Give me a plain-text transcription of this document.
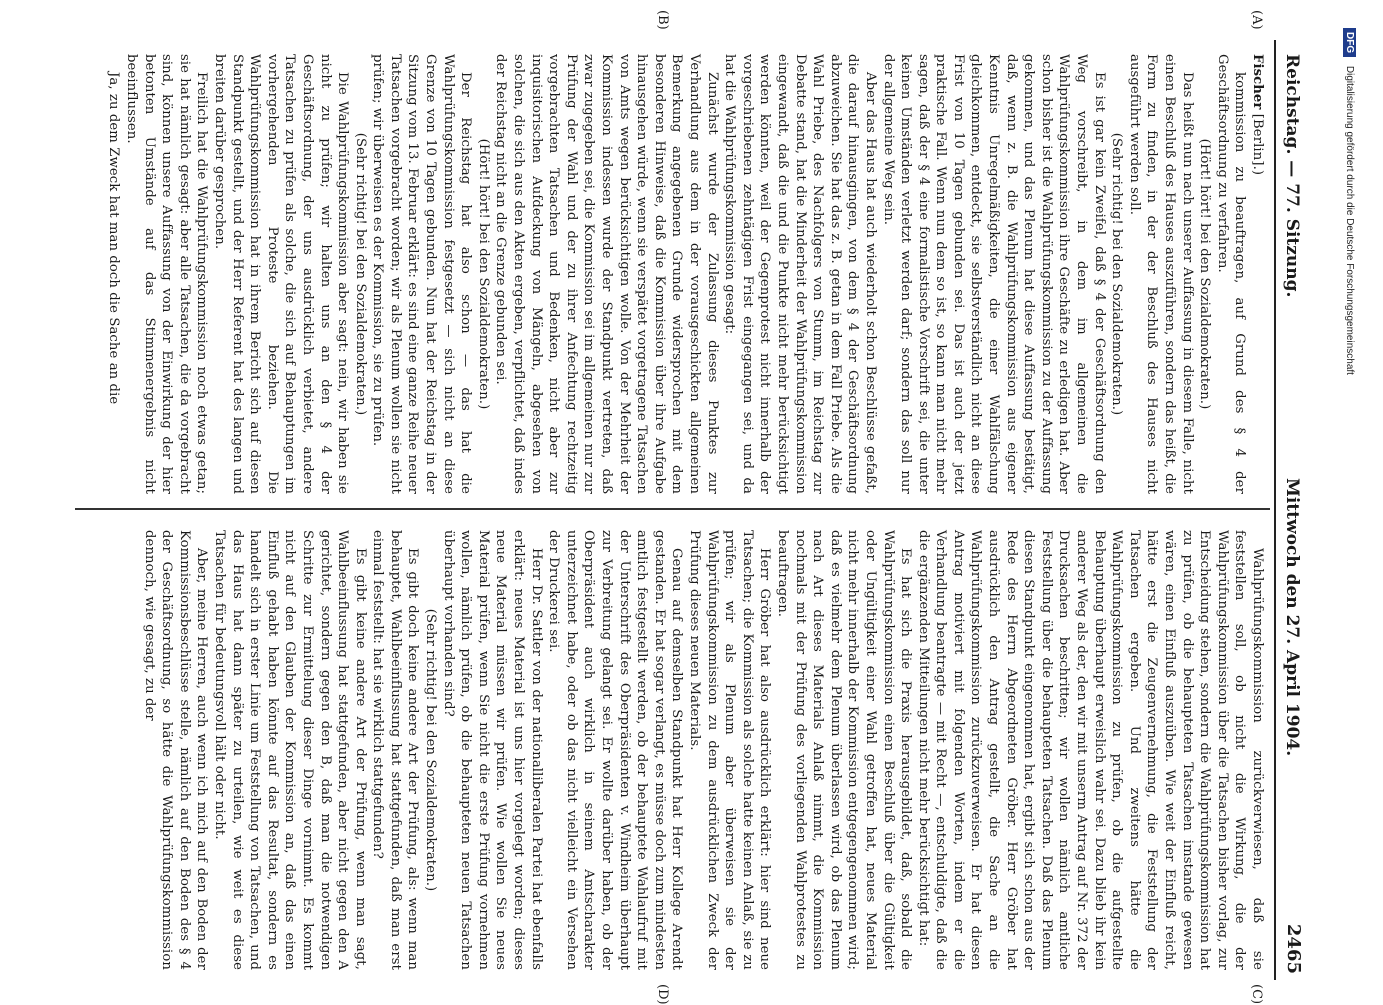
Reichstag. — 77. Sitzung.
Mittwoch den 27. April 1904.
2465
(A)
(B)
(C)
(D)

Fischer [Berlin].)

kommission zu beauftragen, auf Grund des § 4 der Geschäftsordnung zu verfahren.

(Hört! hört! bei den Sozialdemokraten.)

Das heißt nun nach unserer Auffassung in diesem Falle, nicht einen Beschluß des Hauses auszuführen, sondern das heißt, die Form zu finden, in der der Beschluß des Hauses nicht ausgeführt werden soll.

(Sehr richtig! bei den Sozialdemokraten.)

Es ist gar kein Zweifel, daß § 4 der Geschäftsordnung den Weg vorschreibt, in dem im allgemeinen die Wahlprüfungskommission ihre Geschäfte zu erledigen hat. Aber schon bisher ist die Wahlprüfungskommission zu der Auffassung gekommen, und das Plenum hat diese Auffassung bestätigt, daß, wenn z. B. die Wahlprüfungskommission aus eigener Kenntnis Unregelmäßigkeiten, die einer Wahlfälschung gleichkommen, entdeckt, sie selbstverständlich nicht an diese Frist von 10 Tagen gebunden sei. Das ist auch der jetzt praktische Fall. Wenn nun dem so ist, so kann man nicht mehr sagen, daß der § 4 eine formalistische Vorschrift sei, die unter keinen Umständen verletzt werden darf; sondern das soll nur der allgemeine Weg sein.

Aber das Haus hat auch wiederholt schon Beschlüsse gefaßt, die darauf hinausgingen, von dem § 4 der Geschäftsordnung abzuweichen. Sie hat das z. B. getan in dem Fall Priebe. Als die Wahl Priebe, des Nachfolgers von Stumm, im Reichstag zur Debatte stand, hat die Minderheit der Wahlprüfungskommission eingewandt, daß die und die Punkte nicht mehr berücksichtigt werden könnten, weil der Gegenprotest nicht innerhalb der vorgeschriebenen zehntägigen Frist eingegangen sei, und da hat die Wahlprüfungskommission gesagt:

Zunächst wurde der Zulassung dieses Punktes zur Verhandlung aus dem in der vorausgeschickten allgemeinen Bemerkung angegebenen Grunde widersprochen mit dem besonderen Hinweise, daß die Kommission über ihre Aufgabe hinausgehen würde, wenn sie verspätet vorgetragene Tatsachen von Amts wegen berücksichtigen wolle. Von der Mehrheit der Kommission indessen wurde der Standpunkt vertreten, daß zwar zugegeben sei, die Kommission sei im allgemeinen nur zur Prüfung der Wahl und der zu ihrer Anfechtung rechtzeitig vorgebrachten Tatsachen und Bedenken, nicht aber zur inquisitorischen Aufdeckung von Mängeln, abgesehen von solchen, die sich aus den Akten ergeben, verpflichtet, daß indes der Reichstag nicht an die Grenze gebunden sei.

(Hört! hört! bei den Sozialdemokraten.)

Der Reichstag hat also schon — das hat die Wahlprüfungskommission festgesetzt — sich nicht an diese Grenze von 10 Tagen gebunden. Nun hat der Reichstag in der Sitzung vom 13. Februar erklärt: es sind eine ganze Reihe neuer Tatsachen vorgebracht worden; wir als Plenum wollen sie nicht prüfen; wir überweisen es der Kommission, sie zu prüfen.

(Sehr richtig! bei den Sozialdemokraten.)

Die Wahlprüfungskommission aber sagt: nein, wir haben sie nicht zu prüfen; wir halten uns an den § 4 der Geschäftsordnung, der uns ausdrücklich verbietet, andere Tatsachen zu prüfen als solche, die sich auf Behauptungen im vorhergehenden Proteste beziehen. Die Wahlprüfungskommission hat in ihrem Bericht sich auf diesen Standpunkt gestellt, und der Herr Referent hat des langen und breiten darüber gesprochen.

Freilich hat die Wahlprüfungskommission noch etwas getan; sie hat nämlich gesagt: aber alle Tatsachen, die da vorgebracht sind, können unsere Auffassung von der Einwirkung der hier betonten Umstände auf das Stimmenergebnis nicht beeinflussen.

Ja, zu dem Zweck hat man doch die Sache an die

Wahlprüfungskommission zurückverwiesen, daß sie feststellen soll, ob nicht die Wirkung, die der Wahlprüfungskommission über die Tatsachen bisher vorlag, zur Entscheidung stehen, sondern die Wahlprüfungskommission hat zu prüfen, ob die behaupteten Tatsachen imstande gewesen wären, einen Einfluß auszuüben. Wie weit der Einfluß reicht, hätte erst die Zeugenvernehmung, die Feststellung der Tatsachen ergeben. Und zweitens hätte die Wahlprüfungskommission zu prüfen, ob die aufgestellte Behauptung überhaupt erweislich wahr sei. Dazu blieb ihr kein anderer Weg als der, den wir mit unserm Antrag auf Nr. 372 der Drucksachen beschritten; wir wollen nämlich amtliche Feststellung über die behaupteten Tatsachen. Daß das Plenum diesen Standpunkt eingenommen hat, ergibt sich schon aus der Rede des Herrn Abgeordneten Gröber. Herr Gröber hat ausdrücklich den Antrag gestellt, die Sache an die Wahlprüfungskommission zurückzuverweisen. Er hat diesen Antrag motiviert mit folgenden Worten, indem er die Verhandlung beantragte — mit Recht —, entschuldigte, daß die die ergänzenden Mitteilungen nicht mehr berücksichtigt hat:

Es hat sich die Praxis herausgebildet, daß, sobald die Wahlprüfungskommission einen Beschluß über die Gültigkeit oder Ungültigkeit einer Wahl getroffen hat, neues Material nicht mehr innerhalb der Kommission entgegengenommen wird; daß es vielmehr dem Plenum überlassen wird, ob das Plenum nach Art dieses Materials Anlaß nimmt, die Kommission nochmals mit der Prüfung des vorliegenden Wahlprotestes zu beauftragen.

Herr Gröber hat also ausdrücklich erklärt: hier sind neue Tatsachen; die Kommission als solche hatte keinen Anlaß, sie zu prüfen; wir als Plenum aber überweisen sie der Wahlprüfungskommission zu dem ausdrücklichen Zweck der Prüfung dieses neuen Materials.

Genau auf demselben Standpunkt hat Herr Kollege Arendt gestanden. Er hat sogar verlangt, es müsse doch zum mindesten amtlich festgestellt werden, ob der behauptete Wahlaufruf mit der Unterschrift des Oberpräsidenten v. Windheim überhaupt zur Verbreitung gelangt sei. Er wollte darüber haben, ob der Oberpräsident auch wirklich in seinem Amtscharakter unterzeichnet habe, oder ob das nicht vielleicht ein Versehen der Druckerei sei.

Herr Dr. Sattler von der nationalliberalen Partei hat ebenfalls erklärt: neues Material ist uns hier vorgelegt worden; dieses neue Material müssen wir prüfen. Wie wollen Sie neues Material prüfen, wenn Sie nicht die erste Prüfung vornehmen wollen, nämlich prüfen, ob die behaupteten neuen Tatsachen überhaupt vorhanden sind?

(Sehr richtig! bei den Sozialdemokraten.)

Es gibt doch keine andere Art der Prüfung, als: wenn man behauptet, Wahlbeeinflussung hat stattgefunden, daß man erst einmal feststellt: hat sie wirklich stattgefunden?

Es gibt keine andere Art der Prüfung, wenn man sagt, Wahlbeeinflussung hat stattgefunden, aber nicht gegen den A gerichtet, sondern gegen den B, daß man die notwendigen Schritte zur Ermittelung dieser Dinge vornimmt. Es kommt nicht auf den Glauben der Kommission an, daß das einen Einfluß gehabt haben könnte auf das Resultat, sondern es handelt sich in erster Linie um Feststellung von Tatsachen, und das Haus hat dann später zu urteilen, wie weit es diese Tatsachen für bedeutungsvoll hält oder nicht.

Aber, meine Herren, auch wenn ich mich auf den Boden der Kommissionsbeschlüsse stelle, nämlich auf den Boden des § 4 der Geschäftsordnung, so hätte die Wahlprüfungskommission dennoch, wie gesagt, zu der

DFG Digitalisierung gefördert durch die Deutsche Forschungsgemeinschaft
